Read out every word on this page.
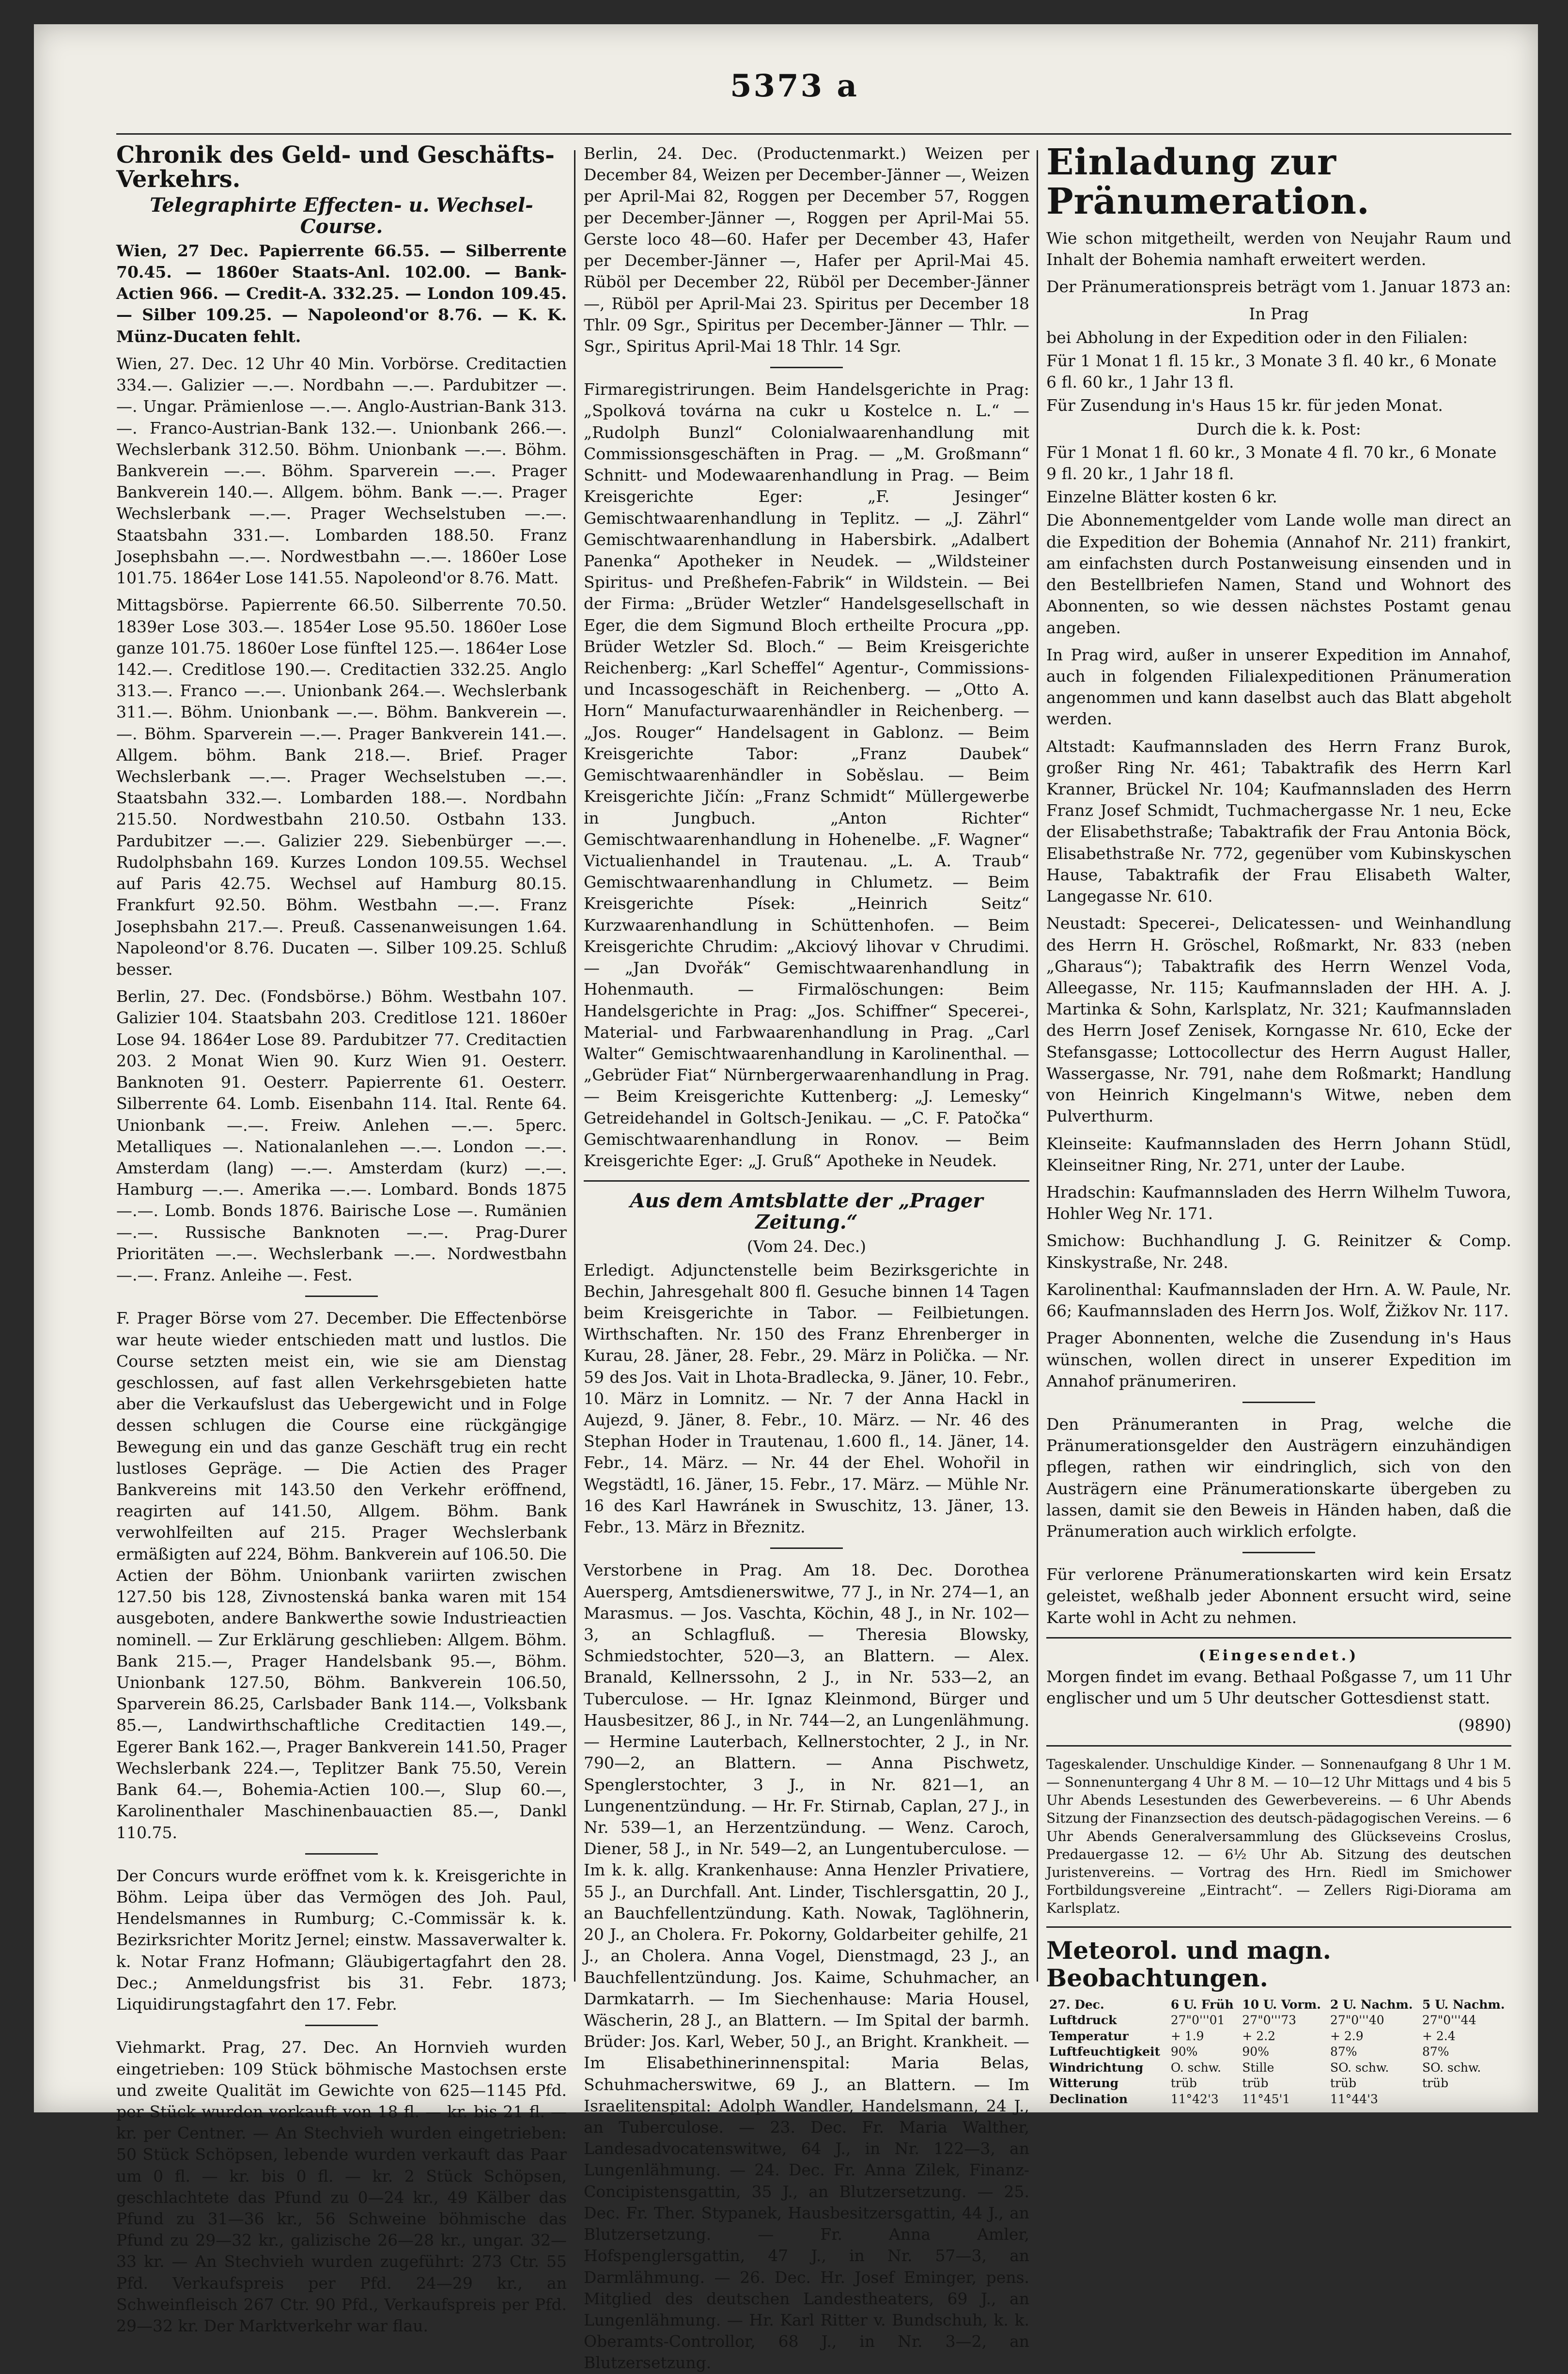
5373 a
Chronik des Geld- und Geschäfts-Verkehrs.
Telegraphirte Effecten- u. Wechsel-Course.

Wien, 27 Dec. Papierrente 66.55. — Silberrente 70.45. — 1860er Staats-Anl. 102.00. — Bank-Actien 966. — Credit-A. 332.25. — London 109.45. — Silber 109.25. — Napoleond'or 8.76. — K. K. Münz-Ducaten fehlt.

Wien, 27. Dec. 12 Uhr 40 Min. Vorbörse. Creditactien 334.—. Galizier —.—. Nordbahn —.—. Pardubitzer —.—. Ungar. Prämienlose —.—. Anglo-Austrian-Bank 313.—. Franco-Austrian-Bank 132.—. Unionbank 266.—. Wechslerbank 312.50. Böhm. Unionbank —.—. Böhm. Bankverein —.—. Böhm. Sparverein —.—. Prager Bankverein 140.—. Allgem. böhm. Bank —.—. Prager Wechslerbank —.—. Prager Wechselstuben —.—. Staatsbahn 331.—. Lombarden 188.50. Franz Josephsbahn —.—. Nordwestbahn —.—. 1860er Lose 101.75. 1864er Lose 141.55. Napoleond'or 8.76. Matt.

Mittagsbörse. Papierrente 66.50. Silberrente 70.50. 1839er Lose 303.—. 1854er Lose 95.50. 1860er Lose ganze 101.75. 1860er Lose fünftel 125.—. 1864er Lose 142.—. Creditlose 190.—. Creditactien 332.25. Anglo 313.—. Franco —.—. Unionbank 264.—. Wechslerbank 311.—. Böhm. Unionbank —.—. Böhm. Bankverein —.—. Böhm. Sparverein —.—. Prager Bankverein 141.—. Allgem. böhm. Bank 218.—. Brief. Prager Wechslerbank —.—. Prager Wechselstuben —.—. Staatsbahn 332.—. Lombarden 188.—. Nordbahn 215.50. Nordwestbahn 210.50. Ostbahn 133. Pardubitzer —.—. Galizier 229. Siebenbürger —.—. Rudolphsbahn 169. Kurzes London 109.55. Wechsel auf Paris 42.75. Wechsel auf Hamburg 80.15. Frankfurt 92.50. Böhm. Westbahn —.—. Franz Josephsbahn 217.—. Preuß. Cassenanweisungen 1.64. Napoleond'or 8.76. Ducaten —. Silber 109.25. Schluß besser.

Berlin, 27. Dec. (Fondsbörse.) Böhm. Westbahn 107. Galizier 104. Staatsbahn 203. Creditlose 121. 1860er Lose 94. 1864er Lose 89. Pardubitzer 77. Creditactien 203. 2 Monat Wien 90. Kurz Wien 91. Oesterr. Banknoten 91. Oesterr. Papierrente 61. Oesterr. Silberrente 64. Lomb. Eisenbahn 114. Ital. Rente 64. Unionbank —.—. Freiw. Anlehen —.—. 5perc. Metalliques —. Nationalanlehen —.—. London —.—. Amsterdam (lang) —.—. Amsterdam (kurz) —.—. Hamburg —.—. Amerika —.—. Lombard. Bonds 1875 —.—. Lomb. Bonds 1876. Bairische Lose —. Rumänien —.—. Russische Banknoten —.—. Prag-Durer Prioritäten —.—. Wechslerbank —.—. Nordwestbahn —.—. Franz. Anleihe —. Fest.

F. Prager Börse vom 27. December. Die Effectenbörse war heute wieder entschieden matt und lustlos. Die Course setzten meist ein, wie sie am Dienstag geschlossen, auf fast allen Verkehrsgebieten hatte aber die Verkaufslust das Uebergewicht und in Folge dessen schlugen die Course eine rückgängige Bewegung ein und das ganze Geschäft trug ein recht lustloses Gepräge. — Die Actien des Prager Bankvereins mit 143.50 den Verkehr eröffnend, reagirten auf 141.50, Allgem. Böhm. Bank verwohlfeilten auf 215. Prager Wechslerbank ermäßigten auf 224, Böhm. Bankverein auf 106.50. Die Actien der Böhm. Unionbank variirten zwischen 127.50 bis 128, Zivnostenská banka waren mit 154 ausgeboten, andere Bankwerthe sowie Industrieactien nominell. — Zur Erklärung geschlieben: Allgem. Böhm. Bank 215.—, Prager Handelsbank 95.—, Böhm. Unionbank 127.50, Böhm. Bankverein 106.50, Sparverein 86.25, Carlsbader Bank 114.—, Volksbank 85.—, Landwirthschaftliche Creditactien 149.—, Egerer Bank 162.—, Prager Bankverein 141.50, Prager Wechslerbank 224.—, Teplitzer Bank 75.50, Verein Bank 64.—, Bohemia-Actien 100.—, Slup 60.—, Karolinenthaler Maschinenbauactien 85.—, Dankl 110.75.

Der Concurs wurde eröffnet vom k. k. Kreisgerichte in Böhm. Leipa über das Vermögen des Joh. Paul, Hendelsmannes in Rumburg; C.-Commissär k. k. Bezirksrichter Moritz Jernel; einstw. Massaverwalter k. k. Notar Franz Hofmann; Gläubigertagfahrt den 28. Dec.; Anmeldungsfrist bis 31. Febr. 1873; Liquidirungstagfahrt den 17. Febr.

Viehmarkt. Prag, 27. Dec. An Hornvieh wurden eingetrieben: 109 Stück böhmische Mastochsen erste und zweite Qualität im Gewichte von 625—1145 Pfd. per Stück wurden verkauft von 18 fl. — kr. bis 21 fl. — kr. per Centner. — An Stechvieh wurden eingetrieben: 50 Stück Schöpsen, lebende wurden verkauft das Paar um 0 fl. — kr. bis 0 fl. — kr. 2 Stück Schöpsen, geschlachtete das Pfund zu 0—24 kr., 49 Kälber das Pfund zu 31—36 kr., 56 Schweine böhmische das Pfund zu 29—32 kr., galizische 26—28 kr., ungar. 32—33 kr. — An Stechvieh wurden zugeführt: 273 Ctr. 55 Pfd. Verkaufspreis per Pfd. 24—29 kr., an Schweinfleisch 267 Ctr. 90 Pfd., Verkaufspreis per Pfd. 29—32 kr. Der Marktverkehr war flau.

Berlin, 24. Dec. (Productenmarkt.) Weizen per December 84, Weizen per December-Jänner —, Weizen per April-Mai 82, Roggen per December 57, Roggen per December-Jänner —, Roggen per April-Mai 55. Gerste loco 48—60. Hafer per December 43, Hafer per December-Jänner —, Hafer per April-Mai 45. Rüböl per December 22, Rüböl per December-Jänner —, Rüböl per April-Mai 23. Spiritus per December 18 Thlr. 09 Sgr., Spiritus per December-Jänner — Thlr. — Sgr., Spiritus April-Mai 18 Thlr. 14 Sgr.

Firmaregistrirungen. Beim Handelsgerichte in Prag: „Spolková továrna na cukr u Kostelce n. L.“ — „Rudolph Bunzl“ Colonialwaarenhandlung mit Commissionsgeschäften in Prag. — „M. Großmann“ Schnitt- und Modewaarenhandlung in Prag. — Beim Kreisgerichte Eger: „F. Jesinger“ Gemischtwaarenhandlung in Teplitz. — „J. Zährl“ Gemischtwaarenhandlung in Habersbirk. „Adalbert Panenka“ Apotheker in Neudek. — „Wildsteiner Spiritus- und Preßhefen-Fabrik“ in Wildstein. — Bei der Firma: „Brüder Wetzler“ Handelsgesellschaft in Eger, die dem Sigmund Bloch ertheilte Procura „pp. Brüder Wetzler Sd. Bloch.“ — Beim Kreisgerichte Reichenberg: „Karl Scheffel“ Agentur-, Commissions- und Incassogeschäft in Reichenberg. — „Otto A. Horn“ Manufacturwaarenhändler in Reichenberg. — „Jos. Rouger“ Handelsagent in Gablonz. — Beim Kreisgerichte Tabor: „Franz Daubek“ Gemischtwaarenhändler in Soběslau. — Beim Kreisgerichte Jičín: „Franz Schmidt“ Müllergewerbe in Jungbuch. „Anton Richter“ Gemischtwaarenhandlung in Hohenelbe. „F. Wagner“ Victualienhandel in Trautenau. „L. A. Traub“ Gemischtwaarenhandlung in Chlumetz. — Beim Kreisgerichte Písek: „Heinrich Seitz“ Kurzwaarenhandlung in Schüttenhofen. — Beim Kreisgerichte Chrudim: „Akciový lihovar v Chrudimi. — „Jan Dvořák“ Gemischtwaarenhandlung in Hohenmauth. — Firmalöschungen: Beim Handelsgerichte in Prag: „Jos. Schiffner“ Specerei-, Material- und Farbwaarenhandlung in Prag. „Carl Walter“ Gemischtwaarenhandlung in Karolinenthal. — „Gebrüder Fiat“ Nürnbergerwaarenhandlung in Prag. — Beim Kreisgerichte Kuttenberg: „J. Lemesky“ Getreidehandel in Goltsch-Jenikau. — „C. F. Patočka“ Gemischtwaarenhandlung in Ronov. — Beim Kreisgerichte Eger: „J. Gruß“ Apotheke in Neudek.

Aus dem Amtsblatte der „Prager Zeitung.“
(Vom 24. Dec.)

Erledigt. Adjunctenstelle beim Bezirksgerichte in Bechin, Jahresgehalt 800 fl. Gesuche binnen 14 Tagen beim Kreisgerichte in Tabor. — Feilbietungen. Wirthschaften. Nr. 150 des Franz Ehrenberger in Kurau, 28. Jäner, 28. Febr., 29. März in Polička. — Nr. 59 des Jos. Vait in Lhota-Bradlecka, 9. Jäner, 10. Febr., 10. März in Lomnitz. — Nr. 7 der Anna Hackl in Aujezd, 9. Jäner, 8. Febr., 10. März. — Nr. 46 des Stephan Hoder in Trautenau, 1.600 fl., 14. Jäner, 14. Febr., 14. März. — Nr. 44 der Ehel. Wohořil in Wegstädtl, 16. Jäner, 15. Febr., 17. März. — Mühle Nr. 16 des Karl Hawránek in Swuschitz, 13. Jäner, 13. Febr., 13. März in Březnitz.

Verstorbene in Prag. Am 18. Dec. Dorothea Auersperg, Amtsdienerswitwe, 77 J., in Nr. 274—1, an Marasmus. — Jos. Vaschta, Köchin, 48 J., in Nr. 102—3, an Schlagfluß. — Theresia Blowsky, Schmiedstochter, 520—3, an Blattern. — Alex. Branald, Kellnerssohn, 2 J., in Nr. 533—2, an Tuberculose. — Hr. Ignaz Kleinmond, Bürger und Hausbesitzer, 86 J., in Nr. 744—2, an Lungenlähmung. — Hermine Lauterbach, Kellnerstochter, 2 J., in Nr. 790—2, an Blattern. — Anna Pischwetz, Spenglerstochter, 3 J., in Nr. 821—1, an Lungenentzündung. — Hr. Fr. Stirnab, Caplan, 27 J., in Nr. 539—1, an Herzentzündung. — Wenz. Caroch, Diener, 58 J., in Nr. 549—2, an Lungentuberculose. — Im k. k. allg. Krankenhause: Anna Henzler Privatiere, 55 J., an Durchfall. Ant. Linder, Tischlersgattin, 20 J., an Bauchfellentzündung. Kath. Nowak, Taglöhnerin, 20 J., an Cholera. Fr. Pokorny, Goldarbeiter gehilfe, 21 J., an Cholera. Anna Vogel, Dienstmagd, 23 J., an Bauchfellentzündung. Jos. Kaime, Schuhmacher, an Darmkatarrh. — Im Siechenhause: Maria Housel, Wäscherin, 28 J., an Blattern. — Im Spital der barmh. Brüder: Jos. Karl, Weber, 50 J., an Bright. Krankheit. — Im Elisabethinerinnenspital: Maria Belas, Schuhmacherswitwe, 69 J., an Blattern. — Im Israelitenspital: Adolph Wandler, Handelsmann, 24 J., an Tuberculose. — 23. Dec. Fr. Maria Walther, Landesadvocatenswitwe, 64 J., in Nr. 122—3, an Lungenlähmung. — 24. Dec. Fr. Anna Zilek, Finanz-Concipistensgattin, 35 J., an Blutzersetzung. — 25. Dec. Fr. Ther. Stypanek, Hausbesitzersgattin, 44 J., an Blutzersetzung. — Fr. Anna Amler, Hofspenglersgattin, 47 J., in Nr. 57—3, an Darmlähmung. — 26. Dec. Hr. Josef Eminger, pens. Mitglied des deutschen Landestheaters, 69 J., an Lungenlähmung. — Hr. Karl Ritter v. Bundschuh, k. k. Oberamts-Controllor, 68 J., in Nr. 3—2, an Blutzersetzung.

Einladung zur Pränumeration.

Wie schon mitgetheilt, werden von Neujahr Raum und Inhalt der Bohemia namhaft erweitert werden.

Der Pränumerationspreis beträgt vom 1. Januar 1873 an:

In Prag
bei Abholung in der Expedition oder in den Filialen:
Für 1 Monat 1 fl. 15 kr., 3 Monate 3 fl. 40 kr., 6 Monate 6 fl. 60 kr., 1 Jahr 13 fl.
Für Zusendung in's Haus 15 kr. für jeden Monat.
Durch die k. k. Post:
Für 1 Monat 1 fl. 60 kr., 3 Monate 4 fl. 70 kr., 6 Monate 9 fl. 20 kr., 1 Jahr 18 fl.
Einzelne Blätter kosten 6 kr.

Die Abonnementgelder vom Lande wolle man direct an die Expedition der Bohemia (Annahof Nr. 211) frankirt, am einfachsten durch Postanweisung einsenden und in den Bestellbriefen Namen, Stand und Wohnort des Abonnenten, so wie dessen nächstes Postamt genau angeben.

In Prag wird, außer in unserer Expedition im Annahof, auch in folgenden Filialexpeditionen Pränumeration angenommen und kann daselbst auch das Blatt abgeholt werden.

Altstadt: Kaufmannsladen des Herrn Franz Burok, großer Ring Nr. 461; Tabaktrafik des Herrn Karl Kranner, Brückel Nr. 104; Kaufmannsladen des Herrn Franz Josef Schmidt, Tuchmachergasse Nr. 1 neu, Ecke der Elisabethstraße; Tabaktrafik der Frau Antonia Böck, Elisabethstraße Nr. 772, gegenüber vom Kubinskyschen Hause, Tabaktrafik der Frau Elisabeth Walter, Langegasse Nr. 610.

Neustadt: Specerei-, Delicatessen- und Weinhandlung des Herrn H. Gröschel, Roßmarkt, Nr. 833 (neben „Gharaus“); Tabaktrafik des Herrn Wenzel Voda, Alleegasse, Nr. 115; Kaufmannsladen der HH. A. J. Martinka & Sohn, Karlsplatz, Nr. 321; Kaufmannsladen des Herrn Josef Zenisek, Korngasse Nr. 610, Ecke der Stefansgasse; Lottocollectur des Herrn August Haller, Wassergasse, Nr. 791, nahe dem Roßmarkt; Handlung von Heinrich Kingelmann's Witwe, neben dem Pulverthurm.

Kleinseite: Kaufmannsladen des Herrn Johann Stüdl, Kleinseitner Ring, Nr. 271, unter der Laube.

Hradschin: Kaufmannsladen des Herrn Wilhelm Tuwora, Hohler Weg Nr. 171.

Smichow: Buchhandlung J. G. Reinitzer & Comp. Kinskystraße, Nr. 248.

Karolinenthal: Kaufmannsladen der Hrn. A. W. Paule, Nr. 66; Kaufmannsladen des Herrn Jos. Wolf, Žižkov Nr. 117.

Prager Abonnenten, welche die Zusendung in's Haus wünschen, wollen direct in unserer Expedition im Annahof pränumeriren.

Den Pränumeranten in Prag, welche die Pränumerationsgelder den Austrägern einzuhändigen pflegen, rathen wir eindringlich, sich von den Austrägern eine Pränumerationskarte übergeben zu lassen, damit sie den Beweis in Händen haben, daß die Pränumeration auch wirklich erfolgte.

Für verlorene Pränumerationskarten wird kein Ersatz geleistet, weßhalb jeder Abonnent ersucht wird, seine Karte wohl in Acht zu nehmen.

(Eingesendet.)

Morgen findet im evang. Bethaal Poßgasse 7, um 11 Uhr englischer und um 5 Uhr deutscher Gottesdienst statt.

(9890)

Tageskalender. Unschuldige Kinder. — Sonnenaufgang 8 Uhr 1 M. — Sonnenuntergang 4 Uhr 8 M. — 10—12 Uhr Mittags und 4 bis 5 Uhr Abends Lesestunden des Gewerbevereins. — 6 Uhr Abends Sitzung der Finanzsection des deutsch-pädagogischen Vereins. — 6 Uhr Abends Generalversammlung des Glückseveins Croslus, Predauergasse 12. — 6½ Uhr Ab. Sitzung des deutschen Juristenvereins. — Vortrag des Hrn. Riedl im Smichower Fortbildungsvereine „Eintracht“. — Zellers Rigi-Diorama am Karlsplatz.

Meteorol. und magn. Beobachtungen.
27. Dec.	6 U. Früh	10 U. Vorm.	2 U. Nachm.	5 U. Nachm.
Luftdruck	27"0'''01	27"0'''73	27"0'''40	27"0'''44
Temperatur	+ 1.9	+ 2.2	+ 2.9	+ 2.4
Luftfeuchtigkeit	90%	90%	87%	87%
Windrichtung	O. schw.	Stille	SO. schw.	SO. schw.
Witterung	trüb	trüb	trüb	trüb
Declination	11°42'3	11°45'1	11°44'3	
